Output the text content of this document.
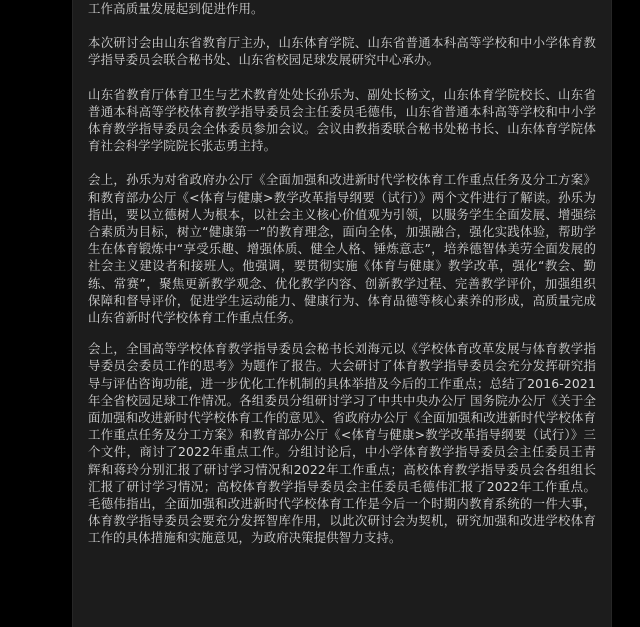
工作高质量发展起到促进作用。

本次研讨会由山东省教育厅主办，山东体育学院、山东省普通本科高等学校和中小学体育教学指导委员会联合秘书处、山东省校园足球发展研究中心承办。

山东省教育厅体育卫生与艺术教育处处长孙乐为、副处长杨文，山东体育学院校长、山东省普通本科高等学校体育教学指导委员会主任委员毛德伟，山东省普通本科高等学校和中小学体育教学指导委员会全体委员参加会议。会议由教指委联合秘书处秘书长、山东体育学院体育社会科学学院院长张志勇主持。

会上，孙乐为对省政府办公厅《全面加强和改进新时代学校体育工作重点任务及分工方案》和教育部办公厅《<体育与健康>教学改革指导纲要（试行）》两个文件进行了解读。孙乐为指出，要以立德树人为根本，以社会主义核心价值观为引领，以服务学生全面发展、增强综合素质为目标，树立“健康第一”的教育理念，面向全体，加强融合，强化实践体验，帮助学生在体育锻炼中“享受乐趣、增强体质、健全人格、锤炼意志”，培养德智体美劳全面发展的社会主义建设者和接班人。他强调，要贯彻实施《体育与健康》教学改革，强化“教会、勤练、常赛”，聚焦更新教学观念、优化教学内容、创新教学过程、完善教学评价，加强组织保障和督导评价，促进学生运动能力、健康行为、体育品德等核心素养的形成，高质量完成山东省新时代学校体育工作重点任务。

会上，全国高等学校体育教学指导委员会秘书长刘海元以《学校体育改革发展与体育教学指导委员会委员工作的思考》为题作了报告。大会研讨了体育教学指导委员会充分发挥研究指导与评估咨询功能，进一步优化工作机制的具体举措及今后的工作重点；总结了2016-2021年全省校园足球工作情况。各组委员分组研讨学习了中共中央办公厅 国务院办公厅《关于全面加强和改进新时代学校体育工作的意见》、省政府办公厅《全面加强和改进新时代学校体育工作重点任务及分工方案》和教育部办公厅《<体育与健康>教学改革指导纲要（试行）》三个文件，商讨了2022年重点工作。分组讨论后，中小学体育教学指导委员会主任委员王青辉和蒋玲分别汇报了研讨学习情况和2022年工作重点；高校体育教学指导委员会各组组长汇报了研讨学习情况；高校体育教学指导委员会主任委员毛德伟汇报了2022年工作重点。毛德伟指出，全面加强和改进新时代学校体育工作是今后一个时期内教育系统的一件大事，体育教学指导委员会要充分发挥智库作用，以此次研讨会为契机，研究加强和改进学校体育工作的具体措施和实施意见，为政府决策提供智力支持。
